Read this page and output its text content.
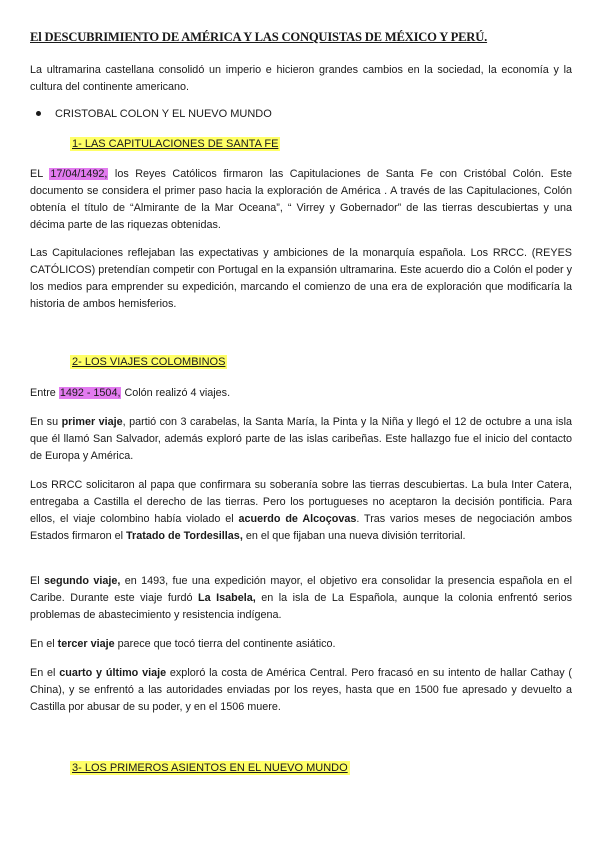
El DESCUBRIMIENTO DE AMÉRICA Y LAS CONQUISTAS DE MÉXICO Y PERÚ.

La ultramarina castellana consolidó un imperio e hicieron grandes cambios en la sociedad, la economía y la cultura del continente americano.

CRISTOBAL COLON Y EL NUEVO MUNDO
1- LAS CAPITULACIONES DE SANTA FE

EL 17/04/1492, los Reyes Católicos firmaron las Capitulaciones de Santa Fe con Cristóbal Colón. Este documento se considera el primer paso hacia la exploración de América . A través de las Capitulaciones, Colón obtenía el título de “Almirante de la Mar Oceana”, “ Virrey y Gobernador” de las tierras descubiertas y una décima parte de las riquezas obtenidas.

Las Capitulaciones reflejaban las expectativas y ambiciones de la monarquía española. Los RRCC. (REYES CATÓLICOS) pretendían competir con Portugal en la expansión ultramarina. Este acuerdo dio a Colón el poder y los medios para emprender su expedición, marcando el comienzo de una era de exploración que modificaría la historia de ambos hemisferios.

2- LOS VIAJES COLOMBINOS

Entre 1492 - 1504, Colón realizó 4 viajes.

En su primer viaje, partió con 3 carabelas, la Santa María, la Pinta y la Niña y llegó el 12 de octubre a una isla que él llamó San Salvador, además exploró parte de las islas caribeñas. Este hallazgo fue el inicio del contacto de Europa y América.

Los RRCC solicitaron al papa que confirmara su soberanía sobre las tierras descubiertas. La bula Inter Catera, entregaba a Castilla el derecho de las tierras. Pero los portugueses no aceptaron la decisión pontificia. Para ellos, el viaje colombino había violado el acuerdo de Alcoçovas. Tras varios meses de negociación ambos Estados firmaron el Tratado de Tordesillas, en el que fijaban una nueva división territorial.

El segundo viaje, en 1493, fue una expedición mayor, el objetivo era consolidar la presencia española en el Caribe. Durante este viaje furdó La Isabela, en la isla de La Española, aunque la colonia enfrentó serios problemas de abastecimiento y resistencia indígena.

En el tercer viaje parece que tocó tierra del continente asiático.

En el cuarto y último viaje exploró la costa de América Central. Pero fracasó en su intento de hallar Cathay ( China), y se enfrentó a las autoridades enviadas por los reyes, hasta que en 1500 fue apresado y devuelto a Castilla por abusar de su poder, y en el 1506 muere.

3- LOS PRIMEROS ASIENTOS EN EL NUEVO MUNDO
